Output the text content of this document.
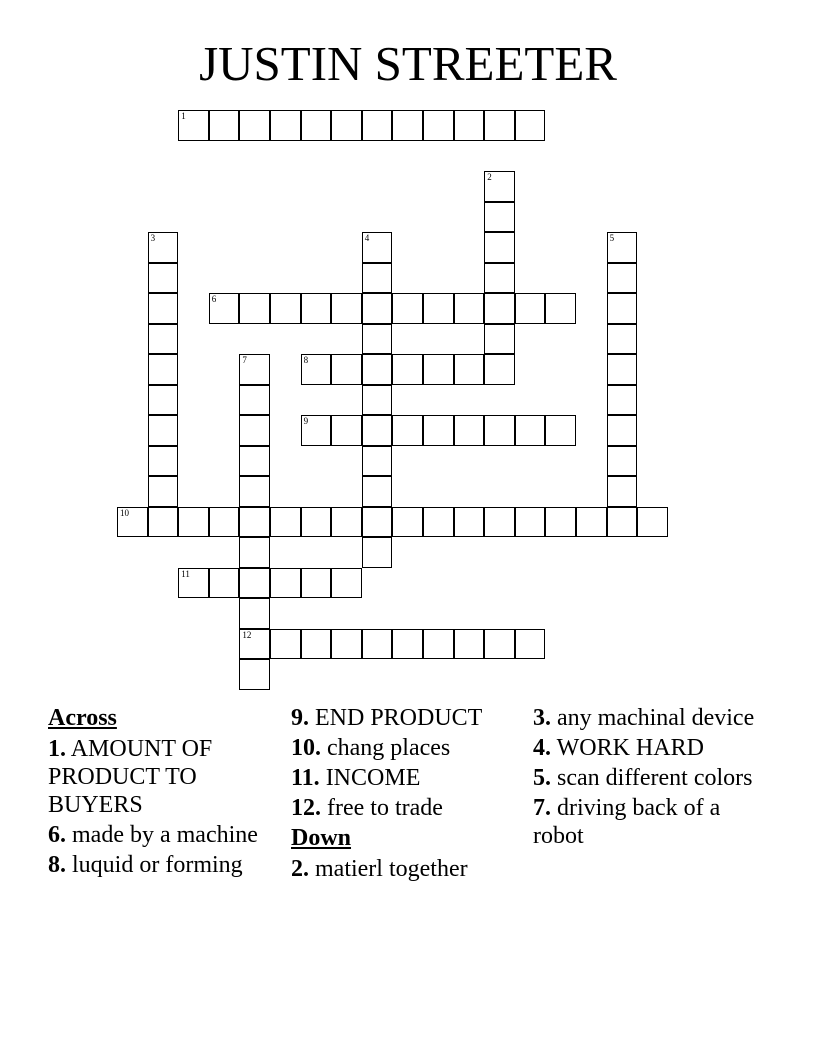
JUSTIN STREETER
1
2
3	4	5
6
7
12
8
9
10
11
Across
1. AMOUNT OF PRODUCT TO BUYERS
6. made by a machine
8. luquid or forming
9. END PRODUCT
10. chang places
11. INCOME
12. free to trade
Down
2. matierl together
3. any machinal device
4. WORK HARD
5. scan different colors
7. driving back of a robot
